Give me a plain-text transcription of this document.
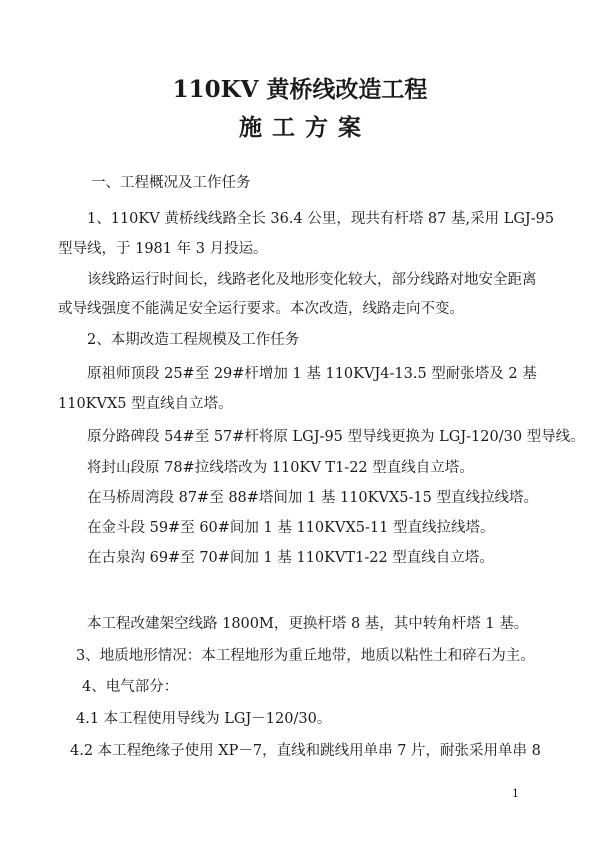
110KV 黄桥线改造工程
施工方案
一、工程概况及工作任务
1、110KV 黄桥线线路全长 36.4 公里，现共有杆塔 87 基,采用 LGJ-95
型导线，于 1981 年 3 月投运。
该线路运行时间长，线路老化及地形变化较大，部分线路对地安全距离
或导线强度不能满足安全运行要求。本次改造，线路走向不变。
2、本期改造工程规模及工作任务
原祖师顶段 25#至 29#杆增加 1 基 110KVJ4-13.5 型耐张塔及 2 基
110KVX5 型直线自立塔。
原分路碑段 54#至 57#杆将原 LGJ-95 型导线更换为 LGJ-120/30 型导线。
将封山段原 78#拉线塔改为 110KV T1-22 型直线自立塔。
在马桥周湾段 87#至 88#塔间加 1 基 110KVX5-15 型直线拉线塔。
在金斗段 59#至 60#间加 1 基 110KVX5-11 型直线拉线塔。
在古泉沟 69#至 70#间加 1 基 110KVT1-22 型直线自立塔。
本工程改建架空线路 1800M，更换杆塔 8 基，其中转角杆塔 1 基。
3、地质地形情况：本工程地形为重丘地带，地质以粘性土和碎石为主。
4、电气部分：
4.1 本工程使用导线为 LGJ－120/30。
4.2 本工程绝缘子使用 XP－7，直线和跳线用单串 7 片，耐张采用单串 8
1
